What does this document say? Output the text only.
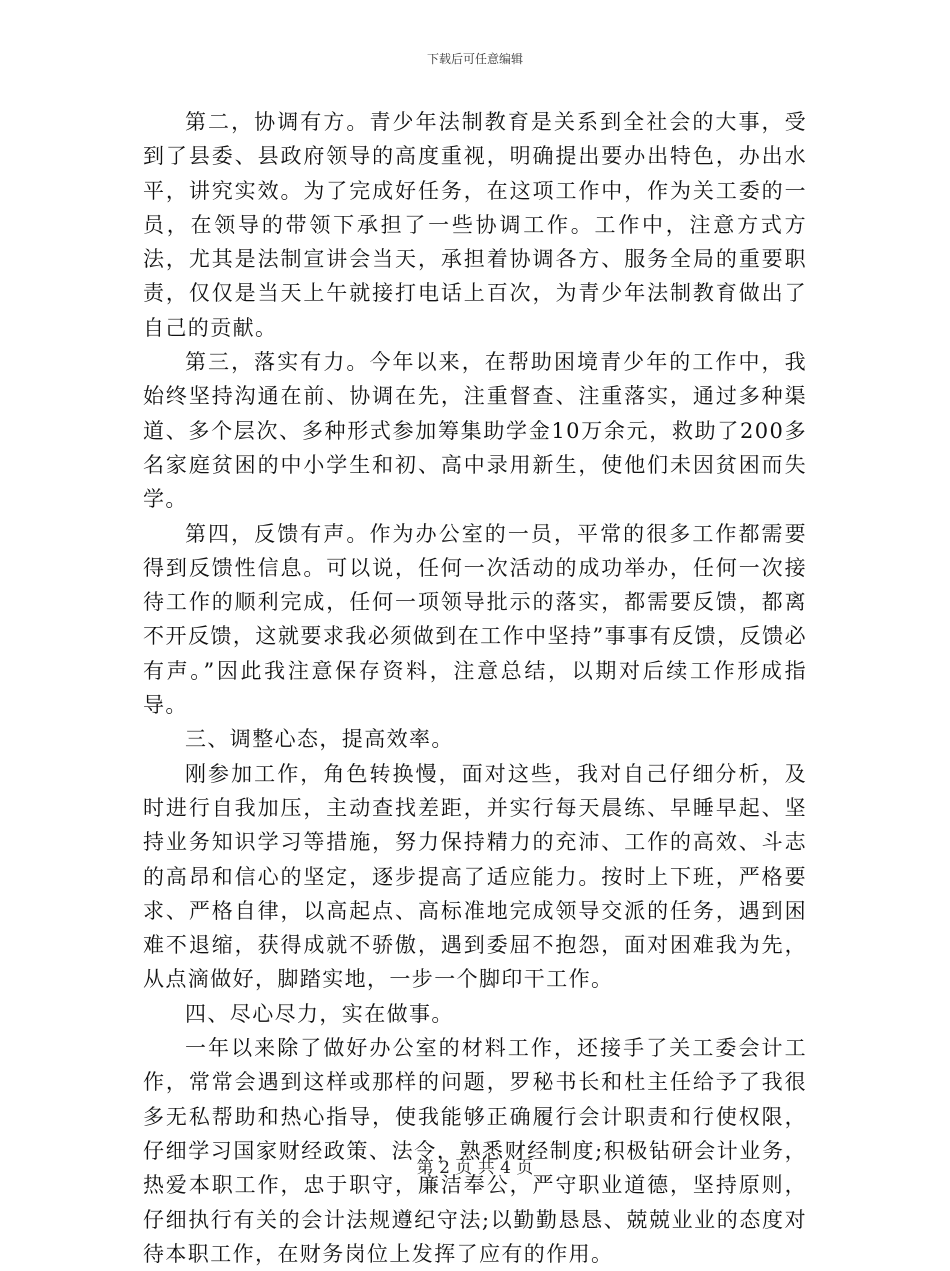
下载后可任意编辑

第二，协调有方。青少年法制教育是关系到全社会的大事，受到了县委、县政府领导的高度重视，明确提出要办出特色，办出水平，讲究实效。为了完成好任务，在这项工作中，作为关工委的一员，在领导的带领下承担了一些协调工作。工作中，注意方式方法，尤其是法制宣讲会当天，承担着协调各方、服务全局的重要职责，仅仅是当天上午就接打电话上百次，为青少年法制教育做出了自己的贡献。

第三，落实有力。今年以来，在帮助困境青少年的工作中，我始终坚持沟通在前、协调在先，注重督查、注重落实，通过多种渠道、多个层次、多种形式参加筹集助学金10万余元，救助了200多名家庭贫困的中小学生和初、高中录用新生，使他们未因贫困而失学。

第四，反馈有声。作为办公室的一员，平常的很多工作都需要得到反馈性信息。可以说，任何一次活动的成功举办，任何一次接待工作的顺利完成，任何一项领导批示的落实，都需要反馈，都离不开反馈，这就要求我必须做到在工作中坚持”事事有反馈，反馈必有声。”因此我注意保存资料，注意总结，以期对后续工作形成指导。

三、调整心态，提高效率。

刚参加工作，角色转换慢，面对这些，我对自己仔细分析，及时进行自我加压，主动查找差距，并实行每天晨练、早睡早起、坚持业务知识学习等措施，努力保持精力的充沛、工作的高效、斗志的高昂和信心的坚定，逐步提高了适应能力。按时上下班，严格要求、严格自律，以高起点、高标准地完成领导交派的任务，遇到困难不退缩，获得成就不骄傲，遇到委屈不抱怨，面对困难我为先，从点滴做好，脚踏实地，一步一个脚印干工作。

四、尽心尽力，实在做事。

一年以来除了做好办公室的材料工作，还接手了关工委会计工作，常常会遇到这样或那样的问题，罗秘书长和杜主任给予了我很多无私帮助和热心指导，使我能够正确履行会计职责和行使权限，仔细学习国家财经政策、法令，熟悉财经制度;积极钻研会计业务，热爱本职工作，忠于职守，廉洁奉公，严守职业道德，坚持原则，仔细执行有关的会计法规遵纪守法;以勤勤恳恳、兢兢业业的态度对待本职工作，在财务岗位上发挥了应有的作用。

第 2 页 共 4 页
